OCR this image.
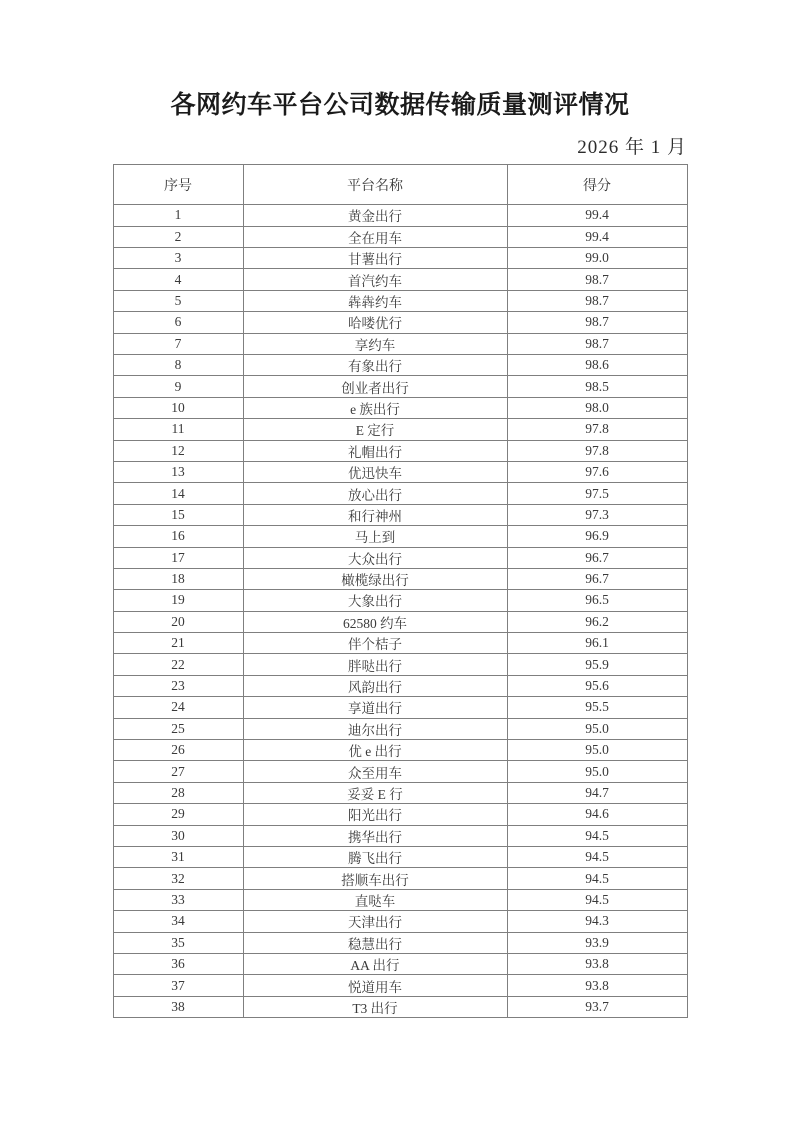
各网约车平台公司数据传输质量测评情况
2026 年 1 月
序号	平台名称	得分
1	黄金出行	99.4
2	全在用车	99.4
3	甘薯出行	99.0
4	首汽约车	98.7
5	犇犇约车	98.7
6	哈喽优行	98.7
7	享约车	98.7
8	有象出行	98.6
9	创业者出行	98.5
10	e 族出行	98.0
11	E 定行	97.8
12	礼帽出行	97.8
13	优迅快车	97.6
14	放心出行	97.5
15	和行神州	97.3
16	马上到	96.9
17	大众出行	96.7
18	橄榄绿出行	96.7
19	大象出行	96.5
20	62580 约车	96.2
21	伴个桔子	96.1
22	胖哒出行	95.9
23	风韵出行	95.6
24	享道出行	95.5
25	迪尔出行	95.0
26	优 e 出行	95.0
27	众至用车	95.0
28	妥妥 E 行	94.7
29	阳光出行	94.6
30	携华出行	94.5
31	腾飞出行	94.5
32	搭顺车出行	94.5
33	直哒车	94.5
34	天津出行	94.3
35	稳慧出行	93.9
36	AA 出行	93.8
37	悦道用车	93.8
38	T3 出行	93.7
